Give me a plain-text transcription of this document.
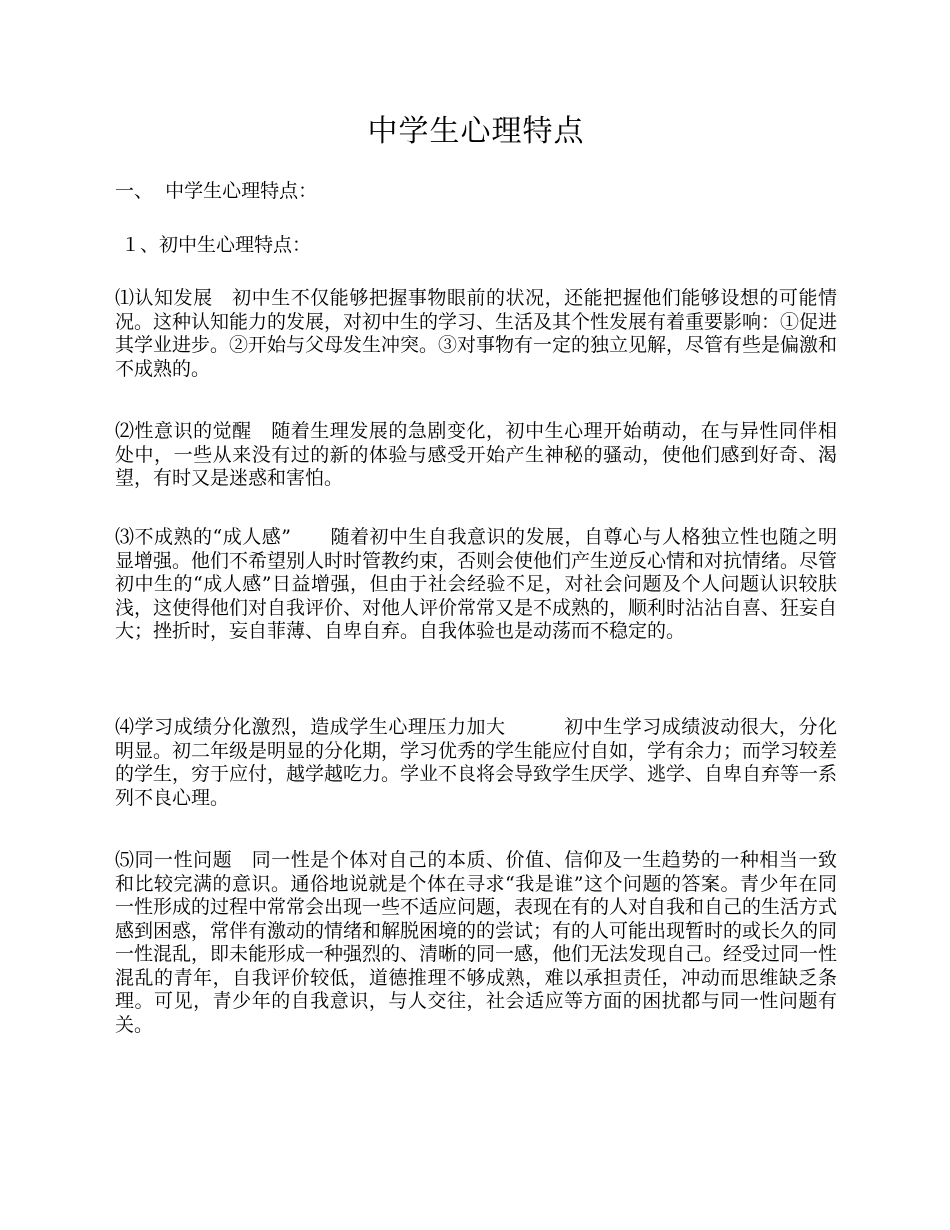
中学生心理特点
一、  中学生心理特点：
１、初中生心理特点：
⑴认知发展　 初中生不仅能够把握事物眼前的状况，还能把握他们能够设想的可能情况。这种认知能力的发展，对初中生的学习、生活及其个性发展有着重要影响：①促进其学业进步。②开始与父母发生冲突。③对事物有一定的独立见解，尽管有些是偏激和不成熟的。
⑵性意识的觉醒　 随着生理发展的急剧变化，初中生心理开始萌动，在与异性同伴相处中，一些从来没有过的新的体验与感受开始产生神秘的骚动，使他们感到好奇、渴望，有时又是迷惑和害怕。
⑶不成熟的“成人感”　　 随着初中生自我意识的发展，自尊心与人格独立性也随之明显增强。他们不希望别人时时管教约束，否则会使他们产生逆反心情和对抗情绪。尽管初中生的“成人感”日益增强，但由于社会经验不足，对社会问题及个人问题认识较肤浅，这使得他们对自我评价、对他人评价常常又是不成熟的，顺利时沾沾自喜、狂妄自大；挫折时，妄自菲薄、自卑自弃。自我体验也是动荡而不稳定的。
⑷学习成绩分化激烈，造成学生心理压力加大　　　	初中生学习成绩波动很大，分化明显。初二年级是明显的分化期，学习优秀的学生能应付自如，学有余力；而学习较差的学生，穷于应付，越学越吃力。学业不良将会导致学生厌学、逃学、自卑自弃等一系列不良心理。
⑸同一性问题　 同一性是个体对自己的本质、价值、信仰及一生趋势的一种相当一致和比较完满的意识。通俗地说就是个体在寻求“我是谁”这个问题的答案。青少年在同一性形成的过程中常常会出现一些不适应问题，表现在有的人对自我和自己的生活方式感到困惑，常伴有激动的情绪和解脱困境的的尝试；有的人可能出现暂时的或长久的同一性混乱，即未能形成一种强烈的、清晰的同一感，他们无法发现自己。经受过同一性混乱的青年，自我评价较低，道德推理不够成熟，难以承担责任，冲动而思维缺乏条理。可见，青少年的自我意识，与人交往，社会适应等方面的困扰都与同一性问题有关。
